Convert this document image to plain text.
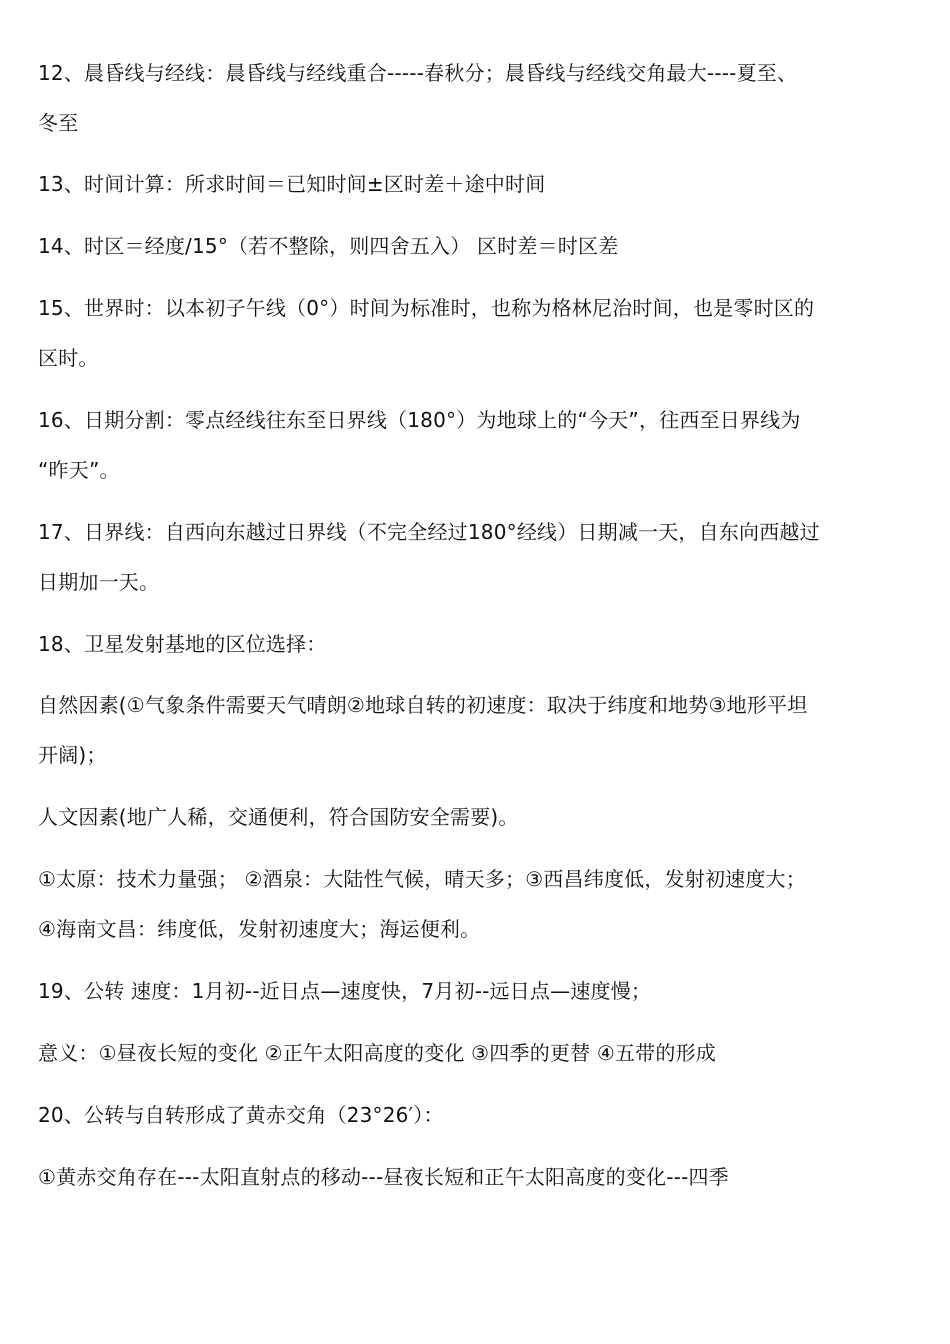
12、晨昏线与经线：晨昏线与经线重合-----春秋分；晨昏线与经线交角最大----夏至、
冬至
13、时间计算：所求时间＝已知时间±区时差＋途中时间
14、时区＝经度/15°（若不整除，则四舍五入） 区时差＝时区差
15、世界时：以本初子午线（0°）时间为标准时，也称为格林尼治时间，也是零时区的
区时。
16、日期分割：零点经线往东至日界线（180°）为地球上的“今天”，往西至日界线为
“昨天”。
17、日界线：自西向东越过日界线（不完全经过180°经线）日期减一天，自东向西越过
日期加一天。
18、卫星发射基地的区位选择：
自然因素(①气象条件需要天气晴朗②地球自转的初速度：取决于纬度和地势③地形平坦
开阔)；
人文因素(地广人稀，交通便利，符合国防安全需要)。
①太原：技术力量强； ②酒泉：大陆性气候，晴天多；③西昌纬度低，发射初速度大；
④海南文昌：纬度低，发射初速度大；海运便利。
19、公转 速度：1月初--近日点—速度快，7月初--远日点—速度慢；
意义：①昼夜长短的变化 ②正午太阳高度的变化 ③四季的更替 ④五带的形成
20、公转与自转形成了黄赤交角（23°26′）：
①黄赤交角存在---太阳直射点的移动---昼夜长短和正午太阳高度的变化---四季
